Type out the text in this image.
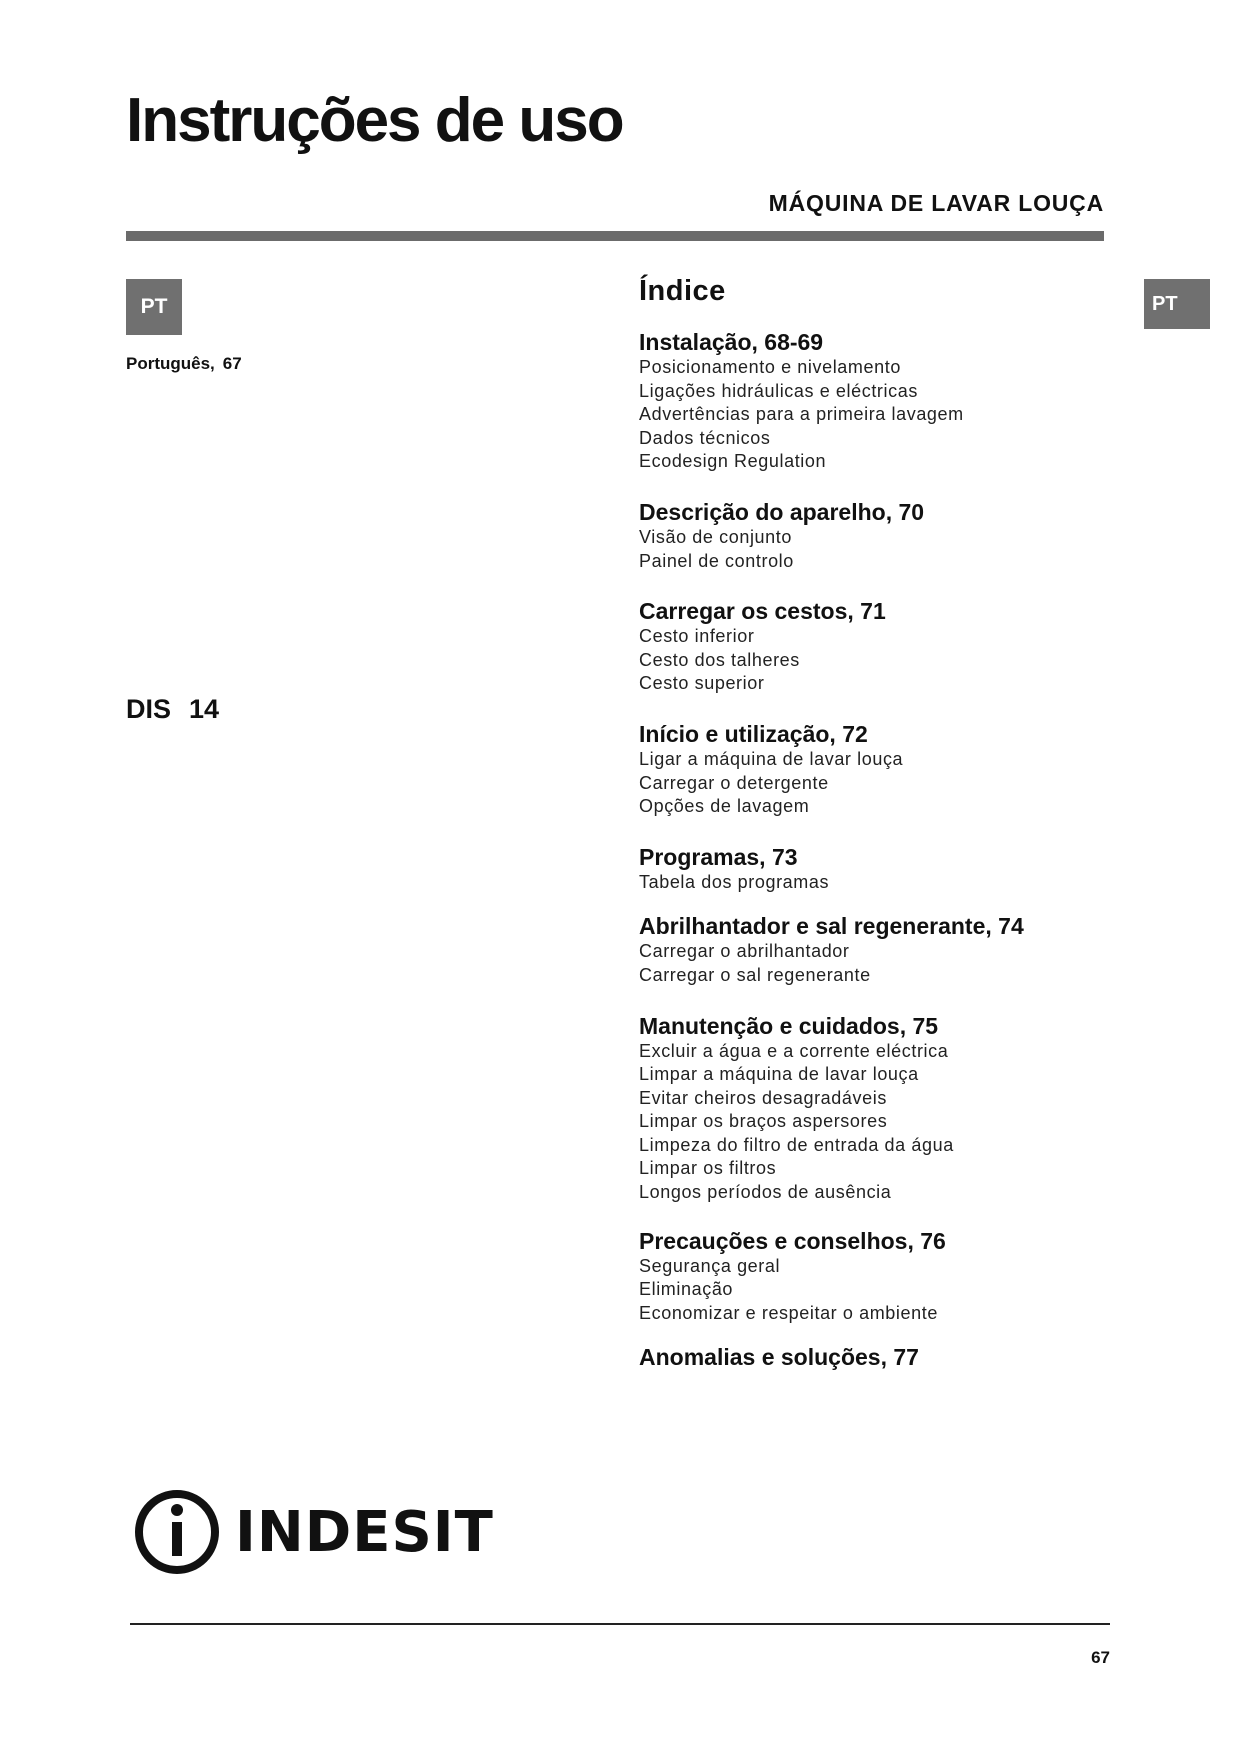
Instruções de uso
MÁQUINA DE LAVAR LOUÇA
PT	PT
Português, 67
DIS 14
Índice
Instalação, 68-69
Posicionamento e nivelamento
Ligações hidráulicas e eléctricas
Advertências para a primeira lavagem
Dados técnicos
Ecodesign Regulation
Descrição do aparelho, 70
Visão de conjunto
Painel de controlo
Carregar os cestos, 71
Cesto inferior
Cesto dos talheres
Cesto superior
Início e utilização, 72
Ligar a máquina de lavar louça
Carregar o detergente
Opções de lavagem
Programas, 73
Tabela dos programas
Abrilhantador e sal regenerante, 74
Carregar o abrilhantador
Carregar o sal regenerante
Manutenção e cuidados, 75
Excluir a água e a corrente eléctrica
Limpar a máquina de lavar louça
Evitar cheiros desagradáveis
Limpar os braços aspersores
Limpeza do filtro de entrada da água
Limpar os filtros
Longos períodos de ausência
Precauções e conselhos, 76
Segurança geral
Eliminação
Economizar e respeitar o ambiente
Anomalias e soluções, 77
INDESIT
67
